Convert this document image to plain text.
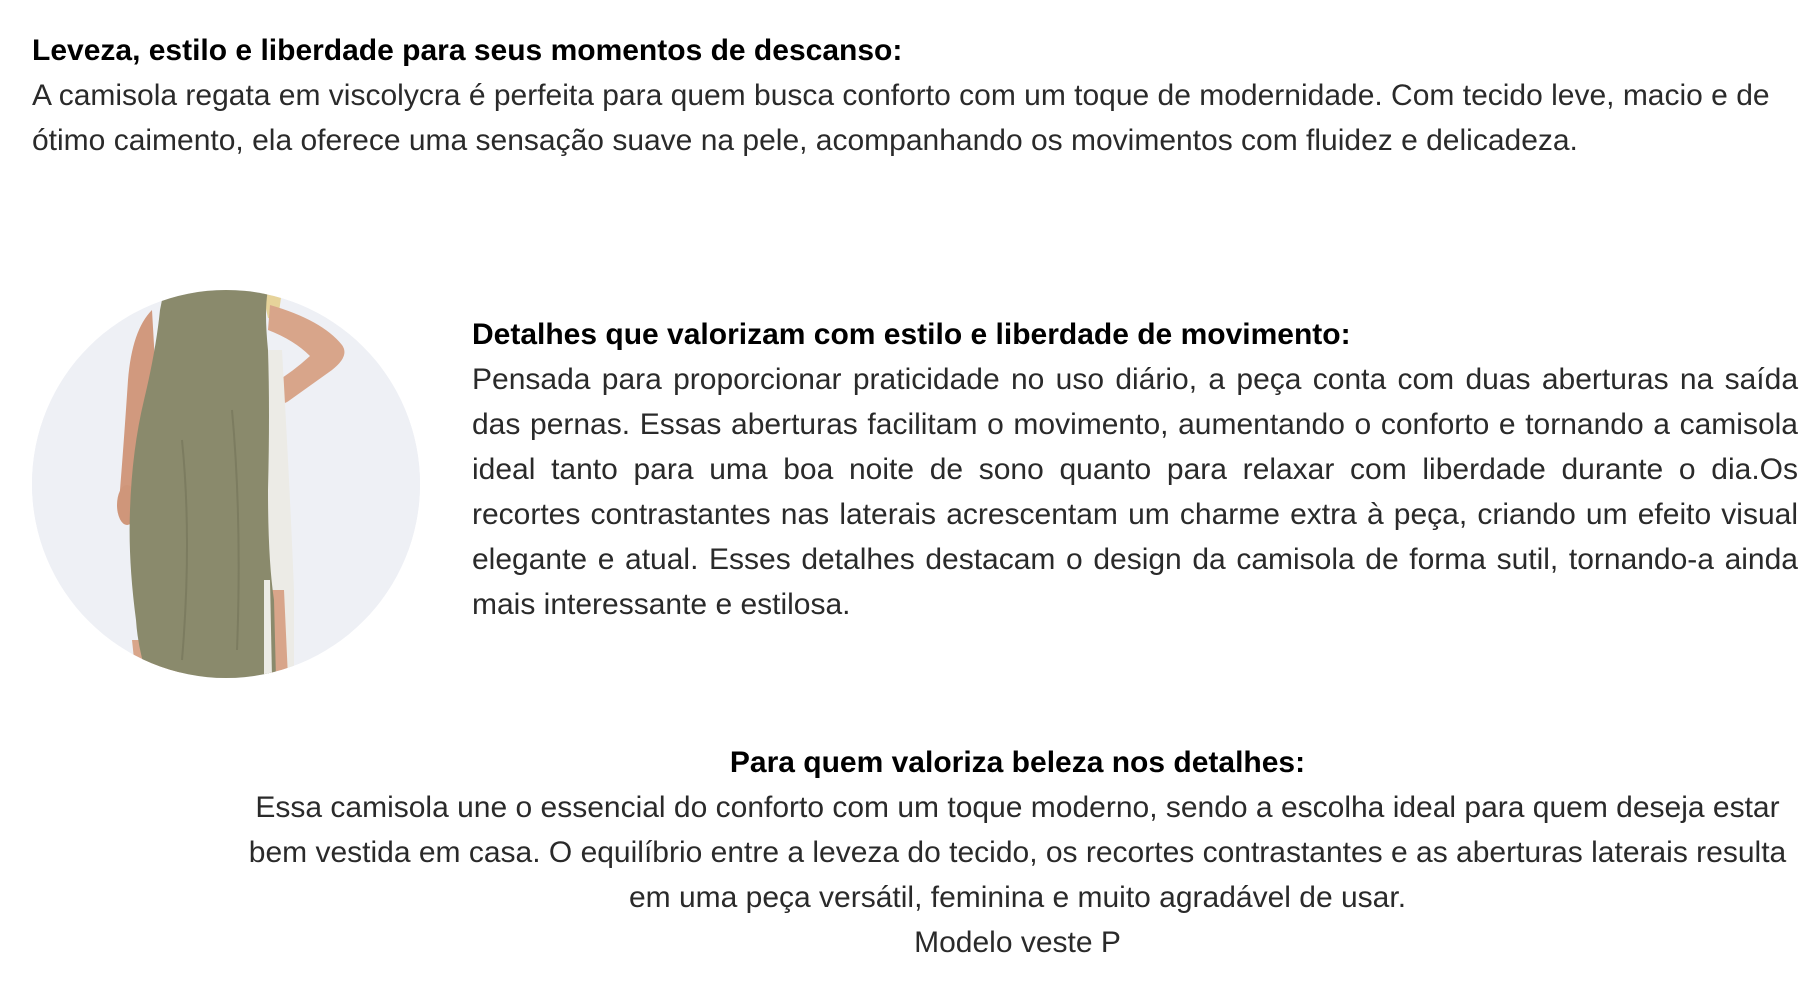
Leveza, estilo e liberdade para seus momentos de descanso:

A camisola regata em viscolycra é perfeita para quem busca conforto com um toque de modernidade. Com tecido leve, macio e de ótimo caimento, ela oferece uma sensação suave na pele, acompanhando os movimentos com fluidez e delicadeza.

Detalhes que valorizam com estilo e liberdade de movimento:

Pensada para proporcionar praticidade no uso diário, a peça conta com duas aberturas na saída das pernas. Essas aberturas facilitam o movimento, aumentando o conforto e tornando a camisola ideal tanto para uma boa noite de sono quanto para relaxar com liberdade durante o dia.Os recortes contrastantes nas laterais acrescentam um charme extra à peça, criando um efeito visual elegante e atual. Esses detalhes destacam o design da camisola de forma sutil, tornando-a ainda mais interessante e estilosa.

Para quem valoriza beleza nos detalhes:

Essa camisola une o essencial do conforto com um toque moderno, sendo a escolha ideal para quem deseja estar bem vestida em casa. O equilíbrio entre a leveza do tecido, os recortes contrastantes e as aberturas laterais resulta em uma peça versátil, feminina e muito agradável de usar.

Modelo veste P
